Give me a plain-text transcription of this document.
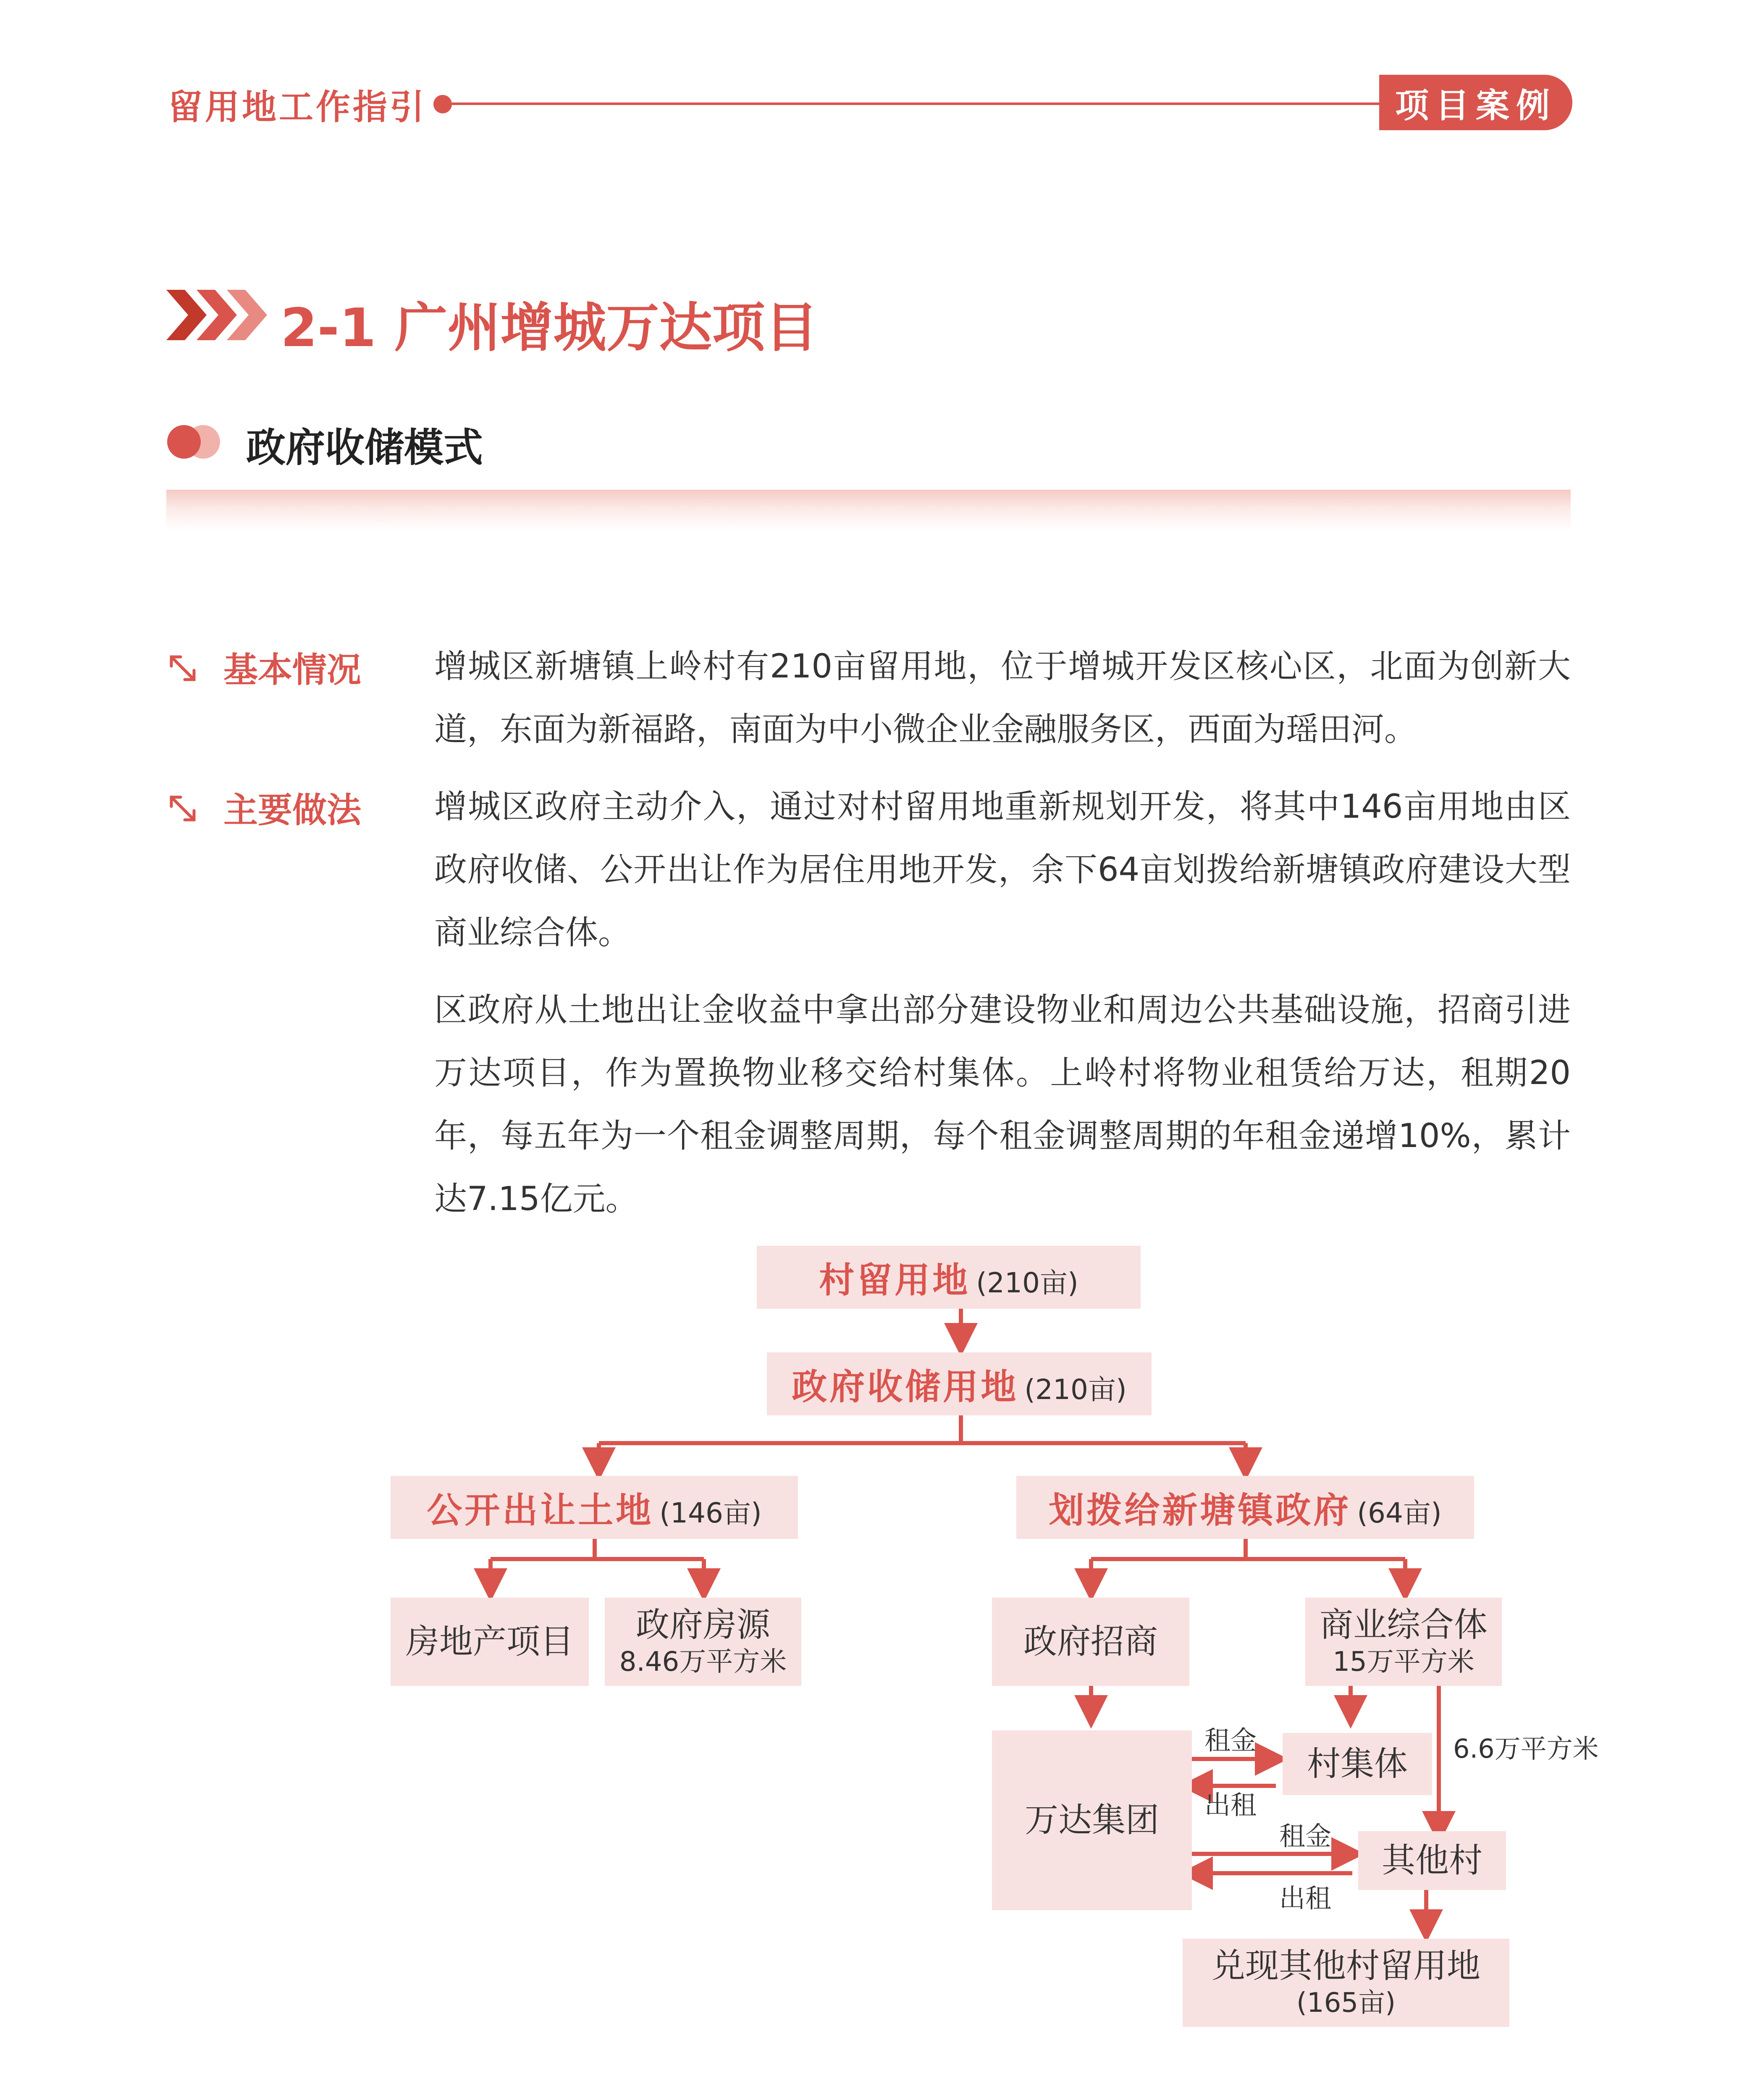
留用地工作指引	项目案例
2-1 广州增城万达项目
政府收储模式
基本情况 增城区新塘镇上岭村有210亩留用地，位于增城开发区核心区，北面为创新大道，东面为新福路，南面为中小微企业金融服务区，西面为瑶田河。
主要做法 增城区政府主动介入，通过对村留用地重新规划开发，将其中146亩用地由区政府收储、公开出让作为居住用地开发，余下64亩划拨给新塘镇政府建设大型商业综合体。
区政府从土地出让金收益中拿出部分建设物业和周边公共基础设施，招商引进万达项目，作为置换物业移交给村集体。上岭村将物业租赁给万达，租期20年，每五年为一个租金调整周期，每个租金调整周期的年租金递增10%，累计达7.15亿元。
村留用地 (210亩)
政府收储用地 (210亩)
公开出让土地 (146亩)	划拨给新塘镇政府 (64亩)
房地产项目 政府房源
8.46万平方米
政府招商	商业综合体
15万平方米
万达集团
村集体
其他村
兑现其他村留用地
(165亩)
租金
出租
租金
出租
6.6万平方米
